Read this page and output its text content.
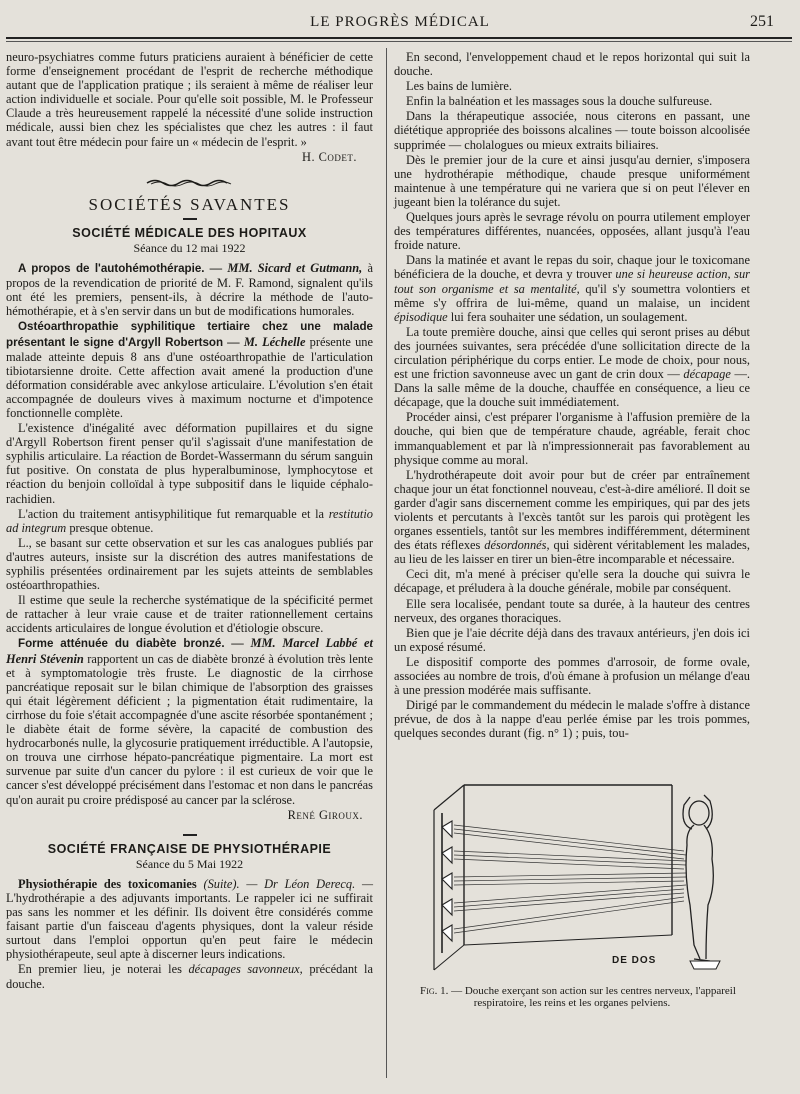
LE PROGRÈS MÉDICAL	251

neuro-psychiatres comme futurs praticiens auraient à bénéficier de cette forme d'enseignement procédant de l'esprit de recherche méthodique autant que de l'application pratique ; ils seraient à même de réaliser leur action individuelle et sociale. Pour qu'elle soit possible, M. le Professeur Claude a très heureusement rappelé la nécessité d'une solide instruction médicale, aussi bien chez les spécialistes que chez les autres : il faut avant tout être médecin pour faire un « médecin de l'esprit. »

H. Codet.

SOCIÉTÉS SAVANTES
SOCIÉTÉ MÉDICALE DES HOPITAUX
Séance du 12 mai 1922

A propos de l'autohémothérapie. — MM. Sicard et Gutmann, à propos de la revendication de priorité de M. F. Ramond, signalent qu'ils ont été les premiers, pensent-ils, à décrire la méthode de l'auto-hémothérapie, et à s'en servir dans un but de modifications humorales.

Ostéoarthropathie syphilitique tertiaire chez une malade présentant le signe d'Argyll Robertson — M. Léchelle présente une malade atteinte depuis 8 ans d'une ostéoarthropathie de l'articulation tibiotarsienne droite. Cette affection avait amené la production d'une déformation considérable avec ankylose articulaire. L'évolution s'en était accompagnée de douleurs vives à maximum nocturne et d'impotence fonctionnelle complète.

L'existence d'inégalité avec déformation pupillaires et du signe d'Argyll Robertson firent penser qu'il s'agissait d'une manifestation de syphilis articulaire. La réaction de Bordet-Wassermann du sérum sanguin fut positive. On constata de plus hyperalbuminose, lymphocytose et réaction du benjoin colloïdal à type subpositif dans le liquide céphalo-rachidien.

L'action du traitement antisyphilitique fut remarquable et la restitutio ad integrum presque obtenue.

L., se basant sur cette observation et sur les cas analogues publiés par d'autres auteurs, insiste sur la discrétion des autres manifestations de syphilis présentées ordinairement par les sujets atteints de semblables ostéoarthropathies.

Il estime que seule la recherche systématique de la spécificité permet de rattacher à leur vraie cause et de traiter rationnellement certains accidents articulaires de longue évolution et d'étiologie obscure.

Forme atténuée du diabète bronzé. — MM. Marcel Labbé et Henri Stévenin rapportent un cas de diabète bronzé à évolution très lente et à symptomatologie très fruste. Le diagnostic de la cirrhose pancréatique reposait sur le bilan chimique de l'absorption des graisses qui était légèrement déficient ; la pigmentation était rudimentaire, la cirrhose du foie s'était accompagnée d'une ascite résorbée spontanément ; le diabète était de forme sévère, la capacité de combustion des hydrocarbonés nulle, la glycosurie pratiquement irréductible. A l'autopsie, on trouva une cirrhose hépato-pancréatique pigmentaire. La mort est survenue par suite d'un cancer du pylore : il est curieux de voir que le cancer s'est développé précisément dans l'estomac et non dans le pancréas qu'on aurait pu croire prédisposé au cancer par la sclérose.

René Giroux.

SOCIÉTÉ FRANÇAISE DE PHYSIOTHÉRAPIE
Séance du 5 Mai 1922

Physiothérapie des toxicomanies (Suite). — Dr Léon Derecq. — L'hydrothérapie a des adjuvants importants. Le rappeler ici ne suffirait pas sans les nommer et les définir. Ils doivent être considérés comme faisant partie d'un faisceau d'agents physiques, dont la valeur réside surtout dans l'emploi opportun qu'en peut faire le médecin physiothérapeute, seul apte à discerner leurs indications.

En premier lieu, je noterai les décapages savonneux, précédant la douche.

En second, l'enveloppement chaud et le repos horizontal qui suit la douche.

Les bains de lumière.

Enfin la balnéation et les massages sous la douche sulfureuse.

Dans la thérapeutique associée, nous citerons en passant, une diététique appropriée des boissons alcalines — toute boisson alcoolisée supprimée — cholalogues ou mieux extraits biliaires.

Dès le premier jour de la cure et ainsi jusqu'au dernier, s'imposera une hydrothérapie méthodique, chaude presque uniformément maintenue à une température qui ne variera que si on peut l'élever en jugeant bien la tolérance du sujet.

Quelques jours après le sevrage révolu on pourra utilement employer des températures différentes, nuancées, opposées, allant jusqu'à l'eau froide nature.

Dans la matinée et avant le repas du soir, chaque jour le toxicomane bénéficiera de la douche, et devra y trouver une si heureuse action, sur tout son organisme et sa mentalité, qu'il s'y soumettra volontiers et même s'y offrira de lui-même, quand un malaise, un incident épisodique lui fera souhaiter une sédation, un soulagement.

La toute première douche, ainsi que celles qui seront prises au début des journées suivantes, sera précédée d'une sollicitation directe de la circulation périphérique du corps entier. Le mode de choix, pour nous, est une friction savonneuse avec un gant de crin doux — décapage —. Dans la salle même de la douche, chauffée en conséquence, a lieu ce décapage, que la douche suit immédiatement.

Procéder ainsi, c'est préparer l'organisme à l'affusion première de la douche, qui bien que de température chaude, agréable, ferait choc immanquablement et par là n'impressionnerait pas favorablement au physique comme au moral.

L'hydrothérapeute doit avoir pour but de créer par entraînement chaque jour un état fonctionnel nouveau, c'est-à-dire amélioré. Il doit se garder d'agir sans discernement comme les empiriques, qui par des jets violents et percutants à l'excès tantôt sur les parois qui protègent les organes essentiels, tantôt sur les membres indifféremment, déterminent des états réflexes désordonnés, qui sidèrent véritablement les malades, au lieu de les laisser en tirer un bien-être incomparable et nécessaire.

Ceci dit, m'a mené à préciser qu'elle sera la douche qui suivra le décapage, et préludera à la douche générale, mobile par conséquent.

Elle sera localisée, pendant toute sa durée, à la hauteur des centres nerveux, des organes thoraciques.

Bien que je l'aie décrite déjà dans des travaux antérieurs, j'en dois ici un exposé résumé.

Le dispositif comporte des pommes d'arrosoir, de forme ovale, associées au nombre de trois, d'où émane à profusion un mélange d'eau à une pression modérée mais suffisante.

Dirigé par le commandement du médecin le malade s'offre à distance prévue, de dos à la nappe d'eau perlée émise par les trois pommes, quelques secondes durant (fig. n° 1) ; puis, tou-

DE DOS

Fig. 1. — Douche exerçant son action sur les centres nerveux, l'appareil respiratoire, les reins et les organes pelviens.
